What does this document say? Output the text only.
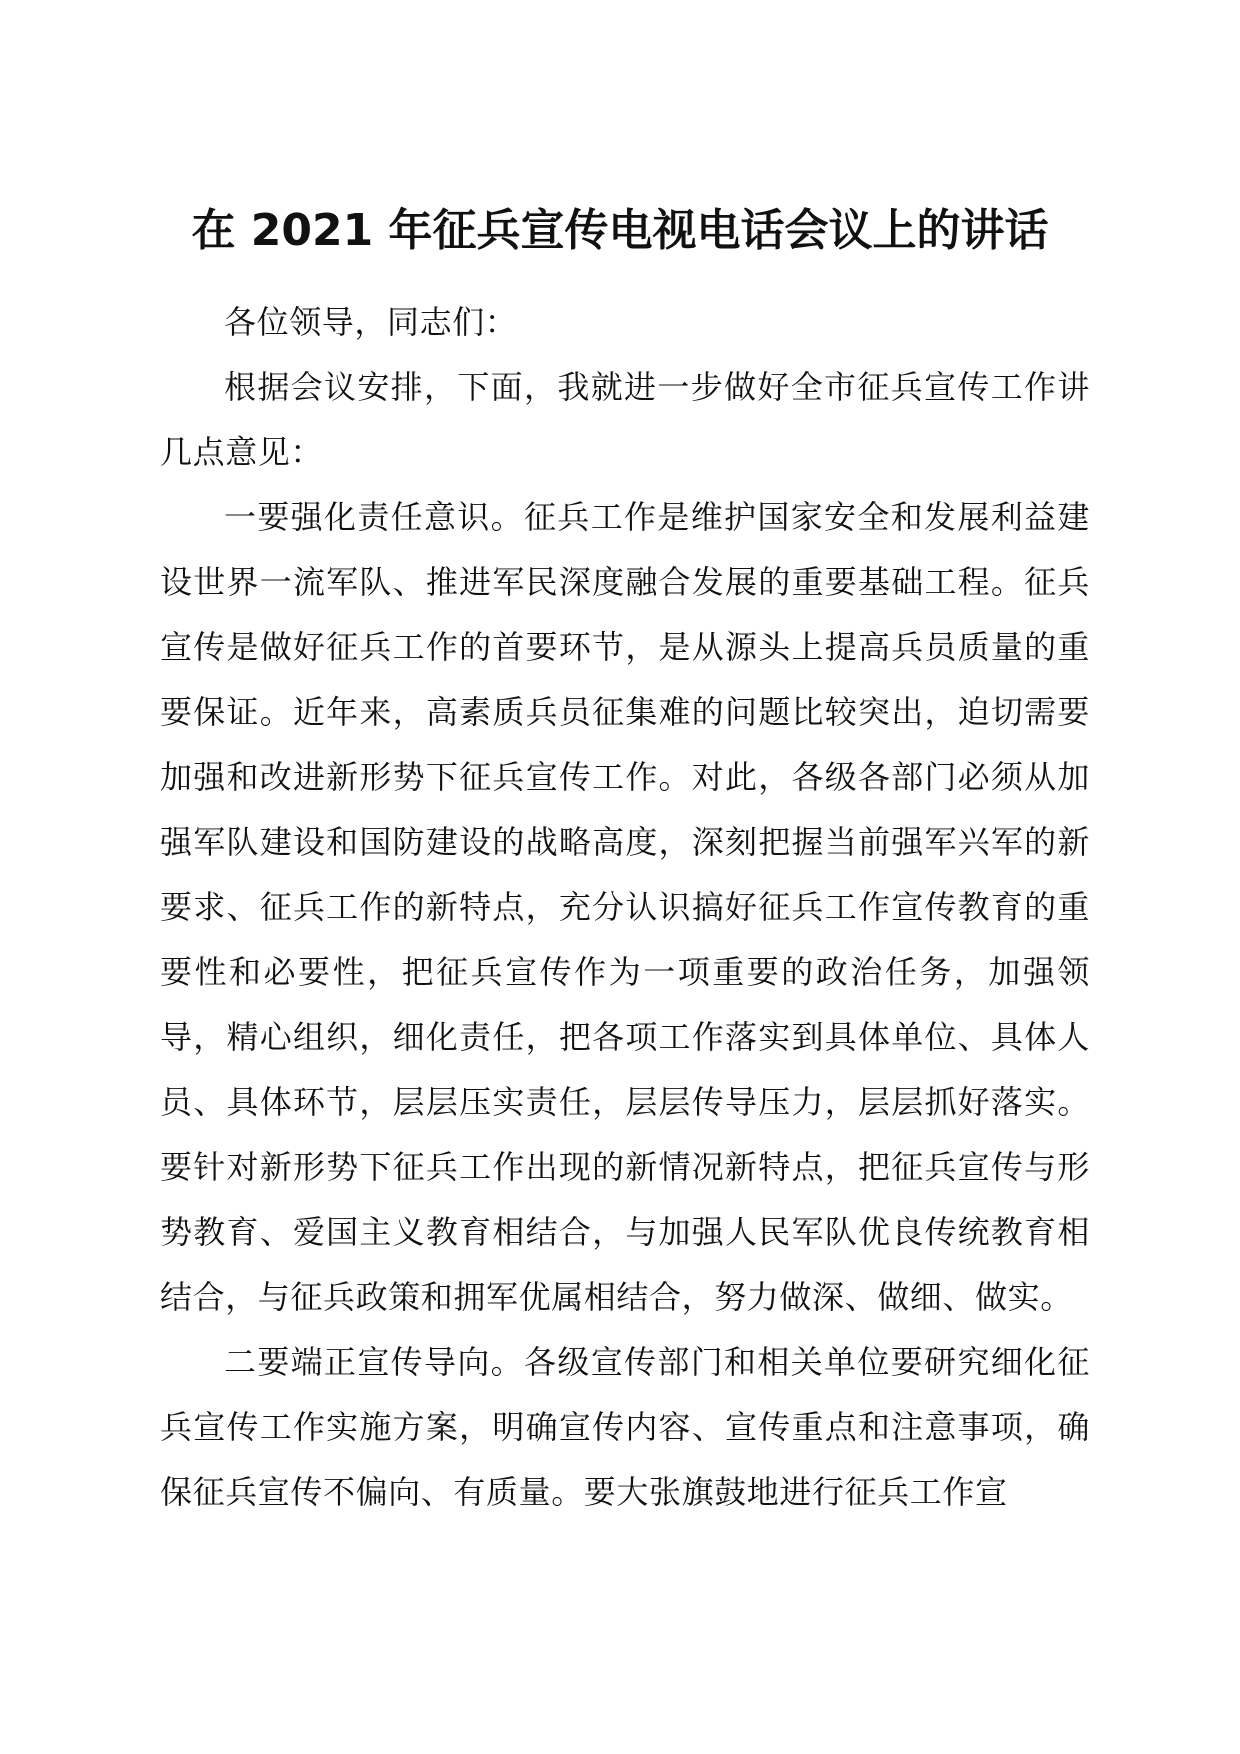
在 2021 年征兵宣传电视电话会议上的讲话

各位领导，同志们：

根据会议安排，下面，我就进一步做好全市征兵宣传工作讲几点意见：

一要强化责任意识。征兵工作是维护国家安全和发展利益建设世界一流军队、推进军民深度融合发展的重要基础工程。征兵宣传是做好征兵工作的首要环节，是从源头上提高兵员质量的重要保证。近年来，高素质兵员征集难的问题比较突出，迫切需要加强和改进新形势下征兵宣传工作。对此，各级各部门必须从加强军队建设和国防建设的战略高度，深刻把握当前强军兴军的新要求、征兵工作的新特点，充分认识搞好征兵工作宣传教育的重要性和必要性，把征兵宣传作为一项重要的政治任务，加强领导，精心组织，细化责任，把各项工作落实到具体单位、具体人员、具体环节，层层压实责任，层层传导压力，层层抓好落实。要针对新形势下征兵工作出现的新情况新特点，把征兵宣传与形势教育、爱国主义教育相结合，与加强人民军队优良传统教育相结合，与征兵政策和拥军优属相结合，努力做深、做细、做实。

二要端正宣传导向。各级宣传部门和相关单位要研究细化征兵宣传工作实施方案，明确宣传内容、宣传重点和注意事项，确保征兵宣传不偏向、有质量。要大张旗鼓地进行征兵工作宣
